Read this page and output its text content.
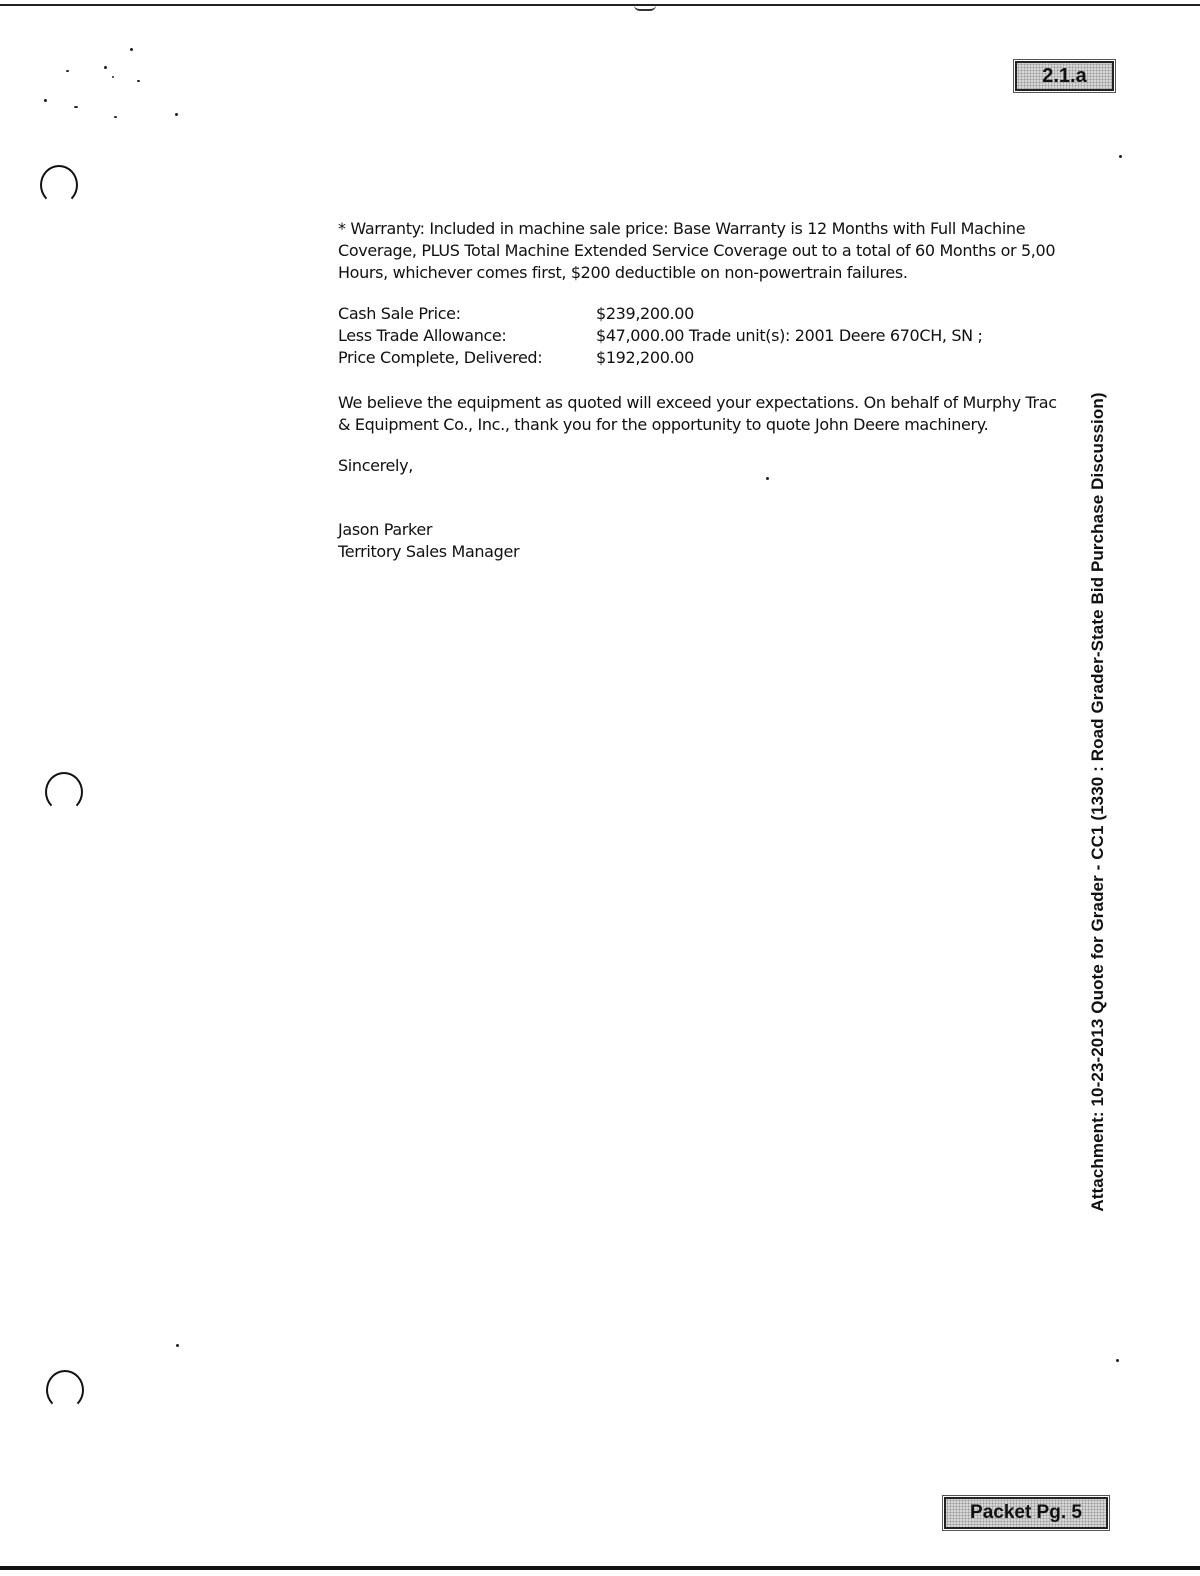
2.1.a
* Warranty: Included in machine sale price: Base Warranty is 12 Months with Full Machine
Coverage, PLUS Total Machine Extended Service Coverage out to a total of 60 Months or 5,00
Hours, whichever comes first, $200 deductible on non-powertrain failures.
Cash Sale Price:	$239,200.00
Less Trade Allowance:	$47,000.00 Trade unit(s): 2001 Deere 670CH, SN ;
Price Complete, Delivered:	$192,200.00
We believe the equipment as quoted will exceed your expectations. On behalf of Murphy Trac
& Equipment Co., Inc., thank you for the opportunity to quote John Deere machinery.
Sincerely,
Jason Parker
Territory Sales Manager	Attachment: 10-23-2013 Quote for Grader - CC1 (1330 : Road Grader-State Bid Purchase Discussion)
Packet Pg. 5
